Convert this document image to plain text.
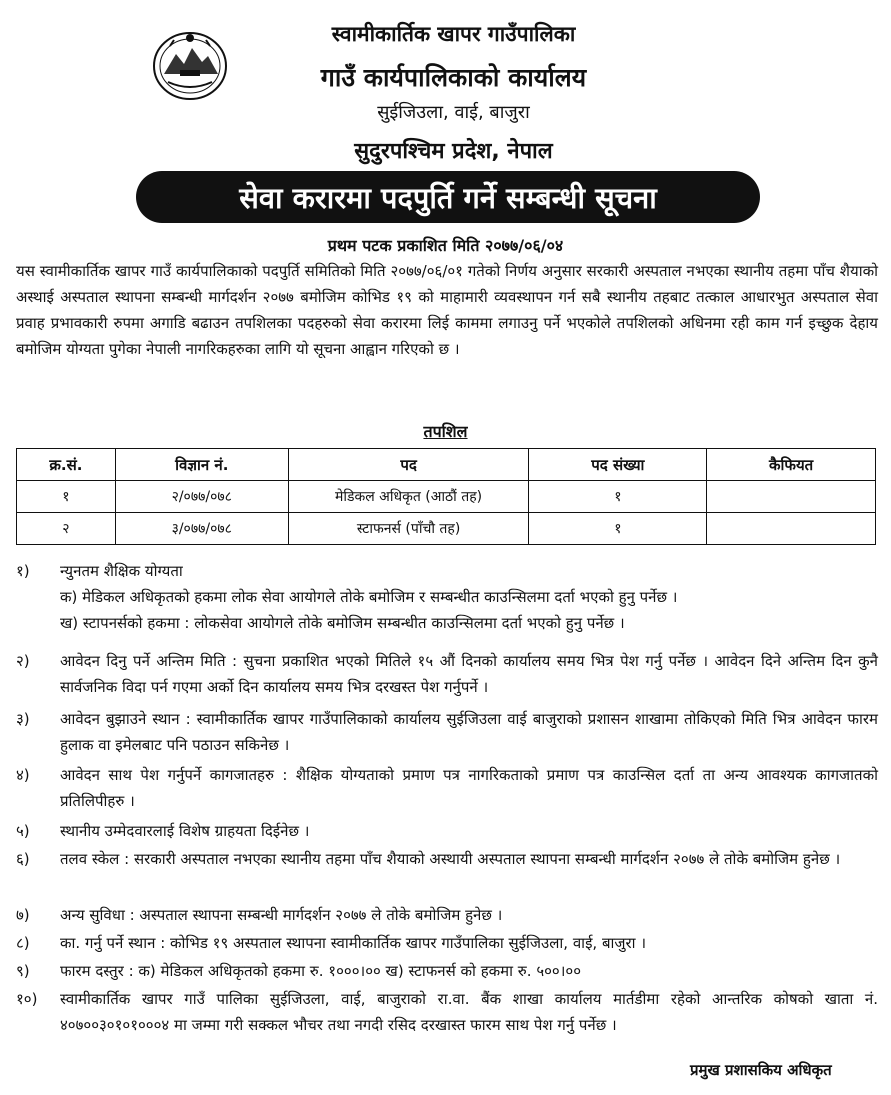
स्वामीकार्तिक खापर गाउँपालिका
गाउँ कार्यपालिकाको कार्यालय
सुईजिउला, वाई, बाजुरा
सुदुरपश्चिम प्रदेश, नेपाल
सेवा करारमा पदपुर्ति गर्ने सम्बन्धी सूचना
प्रथम पटक प्रकाशित मिति २०७७/०६/०४
यस स्वामीकार्तिक खापर गाउँ कार्यपालिकाको पदपुर्ति समितिको मिति २०७७/०६/०१ गतेको निर्णय अनुसार सरकारी अस्पताल नभएका स्थानीय तहमा पाँच शैयाको अस्थाई अस्पताल स्थापना सम्बन्धी मार्गदर्शन २०७७ बमोजिम कोभिड १९ को माहामारी व्यवस्थापन गर्न सबै स्थानीय तहबाट तत्काल आधारभुत अस्पताल सेवा प्रवाह प्रभावकारी रुपमा अगाडि बढाउन तपशिलका पदहरुको सेवा करारमा लिई काममा लगाउनु पर्ने भएकोले तपशिलको अधिनमा रही काम गर्न इच्छुक देहाय बमोजिम योग्यता पुगेका नेपाली नागरिकहरुका लागि यो सूचना आह्वान गरिएको छ ।
तपशिल
क्र.सं.	विज्ञान नं.	पद	पद संख्या	कैफियत
१	२/०७७/०७८	मेडिकल अधिकृत (आठौं तह)	१	
२	३/०७७/०७८	स्टाफनर्स (पाँचौ तह)	१	
१)	न्युनतम शैक्षिक योग्यता
क) मेडिकल अधिकृतको हकमा लोक सेवा आयोगले तोके बमोजिम र सम्बन्धीत काउन्सिलमा दर्ता भएको हुनु पर्नेछ ।
ख) स्टापनर्सको हकमा : लोकसेवा आयोगले तोके बमोजिम सम्बन्धीत काउन्सिलमा दर्ता भएको हुनु पर्नेछ ।
२)	आवेदन दिनु पर्ने अन्तिम मिति : सुचना प्रकाशित भएको मितिले १५ औं दिनको कार्यालय समय भित्र पेश गर्नु पर्नेछ । आवेदन दिने अन्तिम दिन कुनै सार्वजनिक विदा पर्न गएमा अर्को दिन कार्यालय समय भित्र दरखस्त पेश गर्नुपर्ने ।
३)	आवेदन बुझाउने स्थान : स्वामीकार्तिक खापर गाउँपालिकाको कार्यालय सुईजिउला वाई बाजुराको प्रशासन शाखामा तोकिएको मिति भित्र आवेदन फारम हुलाक वा इमेलबाट पनि पठाउन सकिनेछ ।
४)	आवेदन साथ पेश गर्नुपर्ने कागजातहरु : शैक्षिक योग्यताको प्रमाण पत्र नागरिकताको प्रमाण पत्र काउन्सिल दर्ता ता अन्य आवश्यक कागजातको प्रतिलिपीहरु ।
५)	स्थानीय उम्मेदवारलाई विशेष ग्राहयता दिईनेछ ।
६)	तलव स्केल : सरकारी अस्पताल नभएका स्थानीय तहमा पाँच शैयाको अस्थायी अस्पताल स्थापना सम्बन्धी मार्गदर्शन २०७७ ले तोके बमोजिम हुनेछ ।
७)	अन्य सुविधा : अस्पताल स्थापना सम्बन्धी मार्गदर्शन २०७७ ले तोके बमोजिम हुनेछ ।
८)	का. गर्नु पर्ने स्थान : कोभिड १९ अस्पताल स्थापना स्वामीकार्तिक खापर गाउँपालिका सुईजिउला, वाई, बाजुरा ।
९)	फारम दस्तुर : क) मेडिकल अधिकृतको हकमा रु. १०००।०० ख) स्टाफनर्स को हकमा रु. ५००।००
१०)	स्वामीकार्तिक खापर गाउँ पालिका सुईजिउला, वाई, बाजुराको रा.वा. बैंक शाखा कार्यालय मार्तडीमा रहेको आन्तरिक कोषको खाता नं. ४०७००३०१०१०००४ मा जम्मा गरी सक्कल भौचर तथा नगदी रसिद दरखास्त फारम साथ पेश गर्नु पर्नेछ ।
प्रमुख प्रशासकिय अधिकृत
